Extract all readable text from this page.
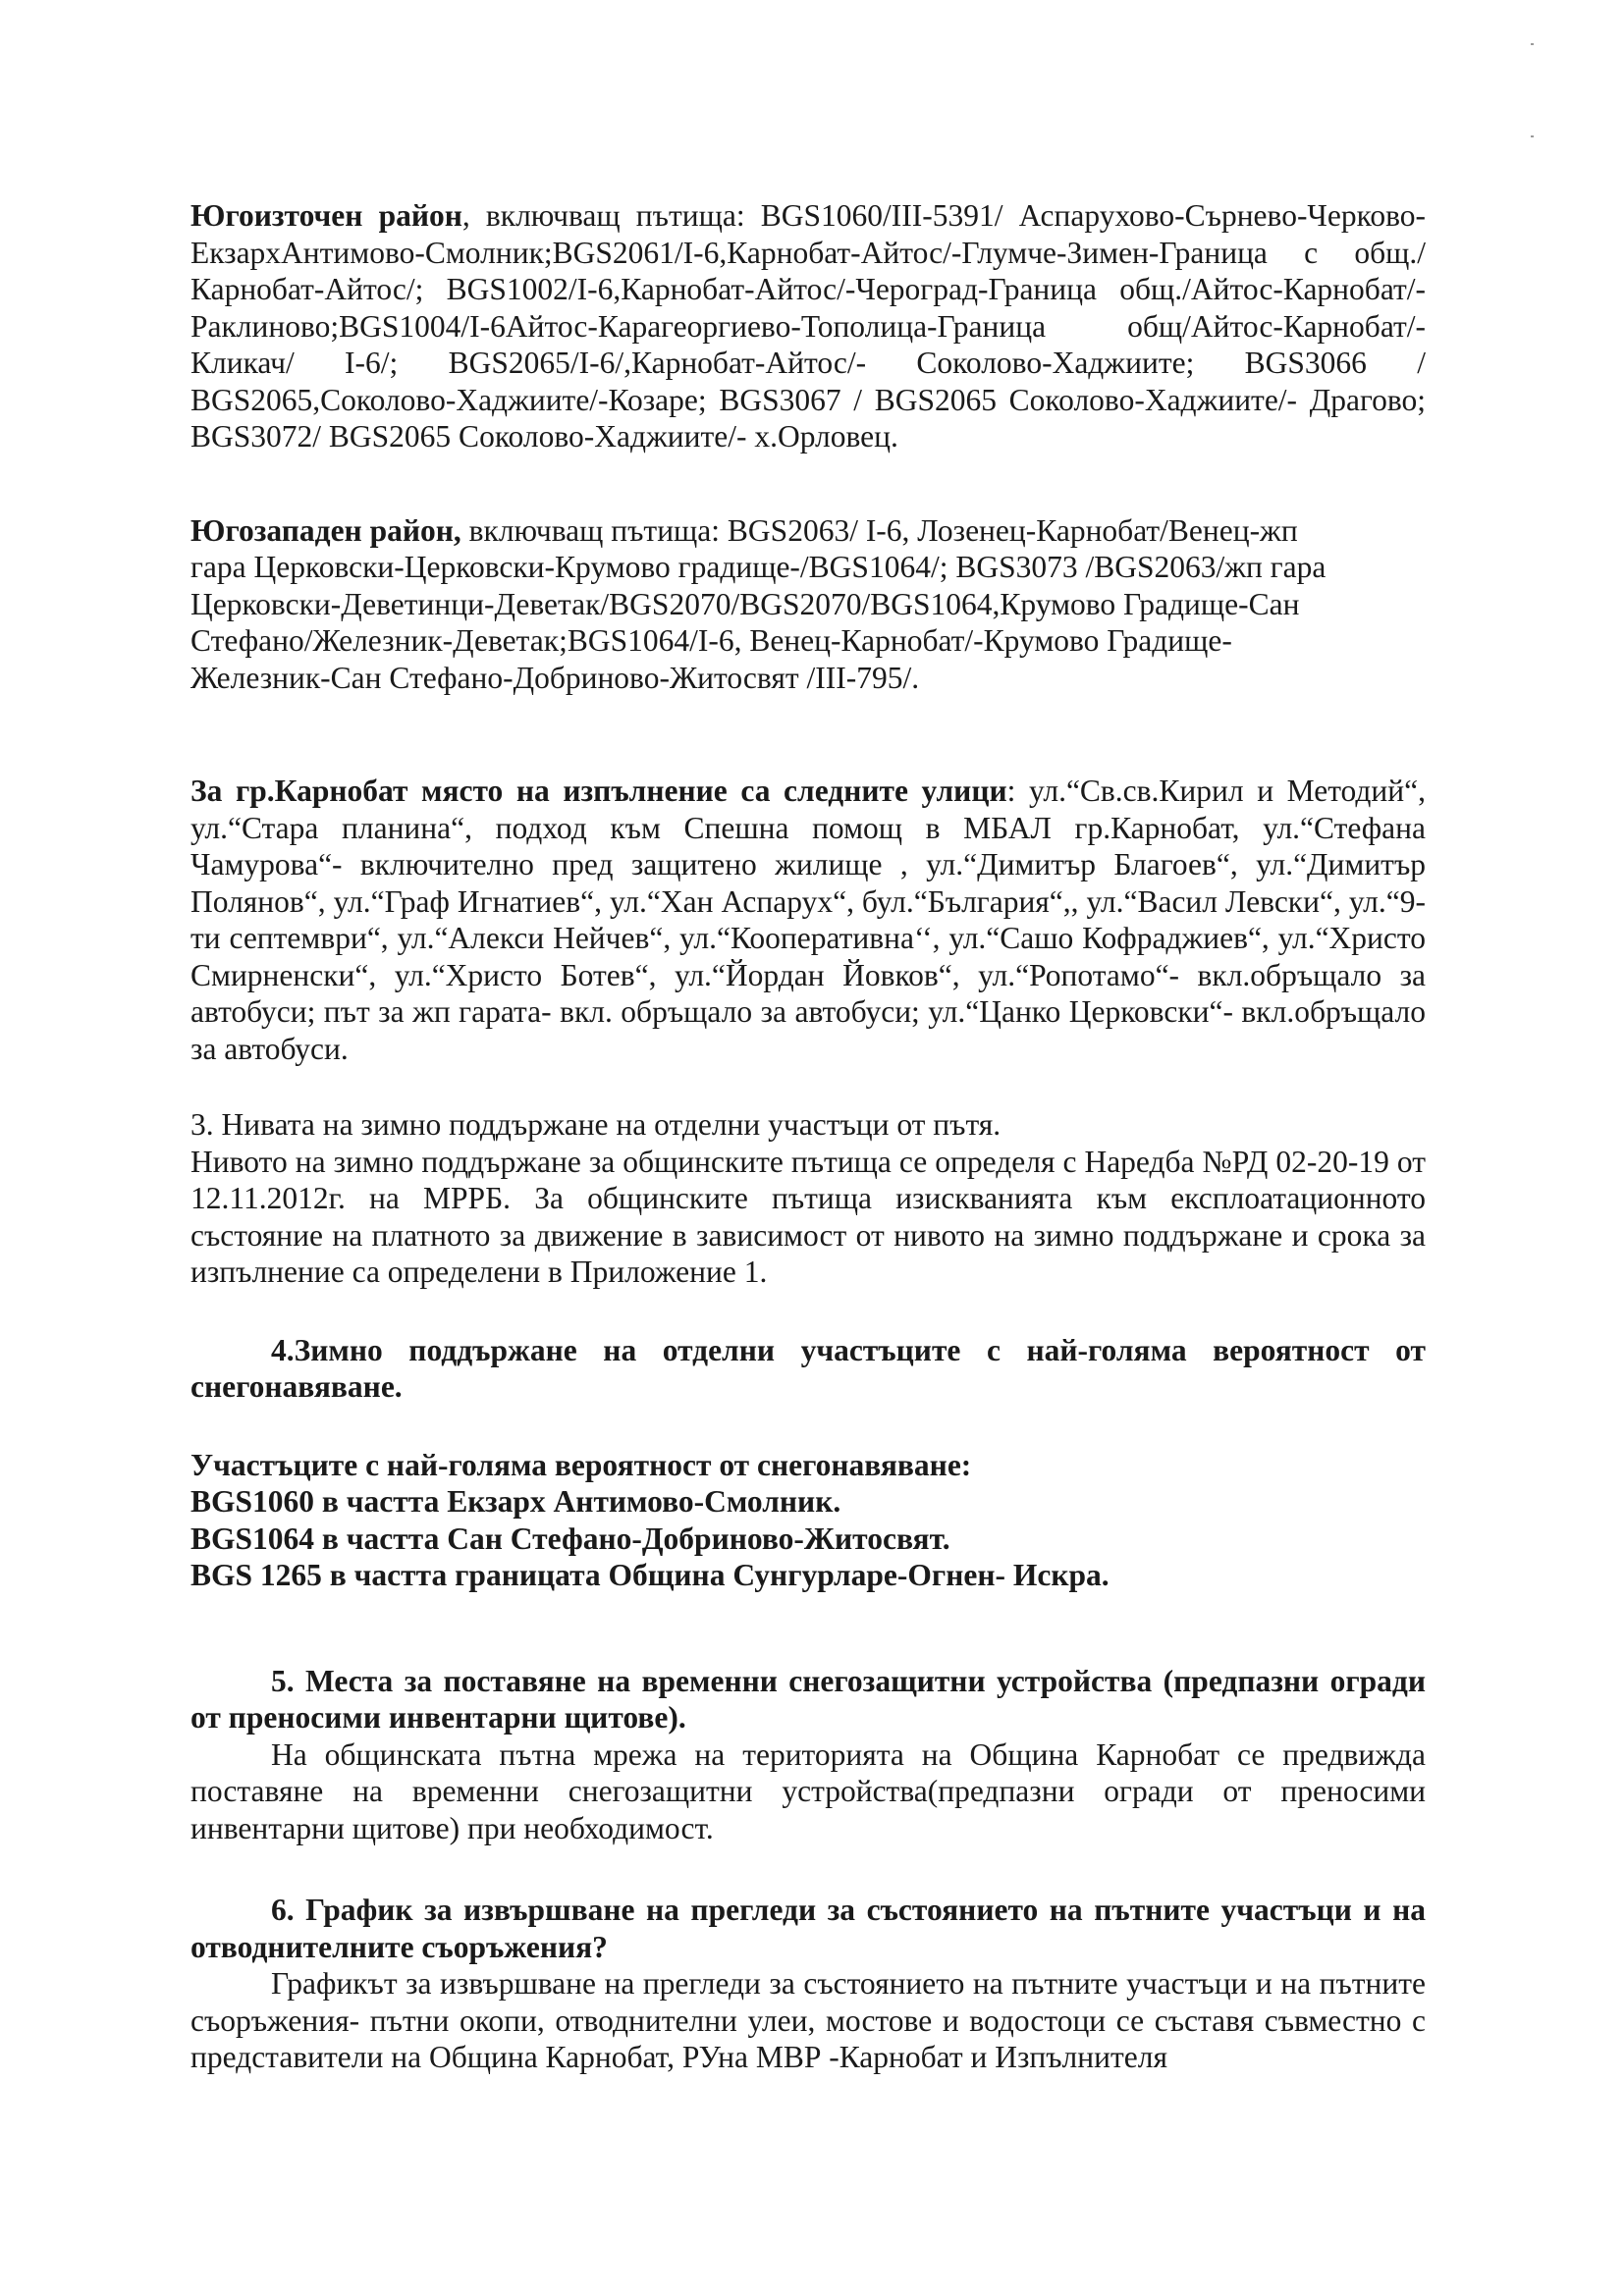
Югоизточен район, включващ пътища: BGS1060/III-5391/ Аспарухово-Сърнево-Черково-ЕкзархАнтимово-Смолник;BGS2061/I-6,Карнобат-Айтос/-Глумче-Зимен-Граница с общ./Карнобат-Айтос/; BGS1002/I-6,Карнобат-Айтос/-Чероград-Граница общ./Айтос-Карнобат/-Раклиново;BGS1004/I-6Айтос-Карагеоргиево-Тополица-Граница общ/Айтос-Карнобат/- Кликач/ I-6/; BGS2065/I-6/,Карнобат-Айтос/- Соколово-Хаджиите; BGS3066 / BGS2065,Соколово-Хаджиите/-Козаре; BGS3067 / BGS2065 Соколово-Хаджиите/- Драгово; BGS3072/ BGS2065 Соколово-Хаджиите/- х.Орловец.

Югозападен район, включващ пътища: BGS2063/ I-6, Лозенец-Карнобат/Венец-жп
гара Церковски-Церковски-Крумово градище-/BGS1064/; BGS3073 /BGS2063/жп гара
Церковски-Деветинци-Деветак/BGS2070/BGS2070/BGS1064,Крумово Градище-Сан
Стефано/Железник-Деветак;BGS1064/I-6, Венец-Карнобат/-Крумово Градище-
Железник-Сан Стефано-Добриново-Житосвят /III-795/.

За гр.Карнобат място на изпълнение са следните улици: ул.“Св.св.Кирил и Методий“, ул.“Стара планина“, подход към Спешна помощ в МБАЛ гр.Карнобат, ул.“Стефана Чамурова“- включително пред защитено жилище , ул.“Димитър Благоев“, ул.“Димитър Полянов“, ул.“Граф Игнатиев“, ул.“Хан Аспарух“, бул.“България“,, ул.“Васил Левски“, ул.“9-ти септември“, ул.“Алекси Нейчев“, ул.“Кооперативна‘‘, ул.“Сашо Кофраджиев“, ул.“Христо Смирненски“, ул.“Христо Ботев“, ул.“Йордан Йовков“, ул.“Ропотамо“- вкл.обръщало за автобуси; път за жп гарата- вкл. обръщало за автобуси; ул.“Цанко Церковски“- вкл.обръщало за автобуси.

3. Нивата на зимно поддържане на отделни участъци от пътя.

Нивото на зимно поддържане за общинските пътища се определя с Наредба №РД 02-20-19 от 12.11.2012г. на МРРБ. За общинските пътища изискванията към експлоатационното състояние на платното за движение в зависимост от нивото на зимно поддържане и срока за изпълнение са определени в Приложение 1.

4.Зимно поддържане на отделни участъците с най-голяма вероятност от снегонавяване.

Участъците с най-голяма вероятност от снегонавяване:
BGS1060 в частта Екзарх Антимово-Смолник.
BGS1064 в частта Сан Стефано-Добриново-Житосвят.
BGS 1265 в частта границата Община Сунгурларе-Огнен- Искра.

5. Места за поставяне на временни снегозащитни устройства (предпазни огради от преносими инвентарни щитове).

На общинската пътна мрежа на територията на Община Карнобат се предвижда поставяне на временни снегозащитни устройства(предпазни огради от преносими инвентарни щитове) при необходимост.

6. График за извършване на прегледи за състоянието на пътните участъци и на отводнителните съоръжения?

Графикът за извършване на прегледи за състоянието на пътните участъци и на пътните съоръжения- пътни окопи, отводнителни улеи, мостове и водостоци се съставя съвместно с представители на Община Карнобат, РУна МВР -Карнобат и Изпълнителя
